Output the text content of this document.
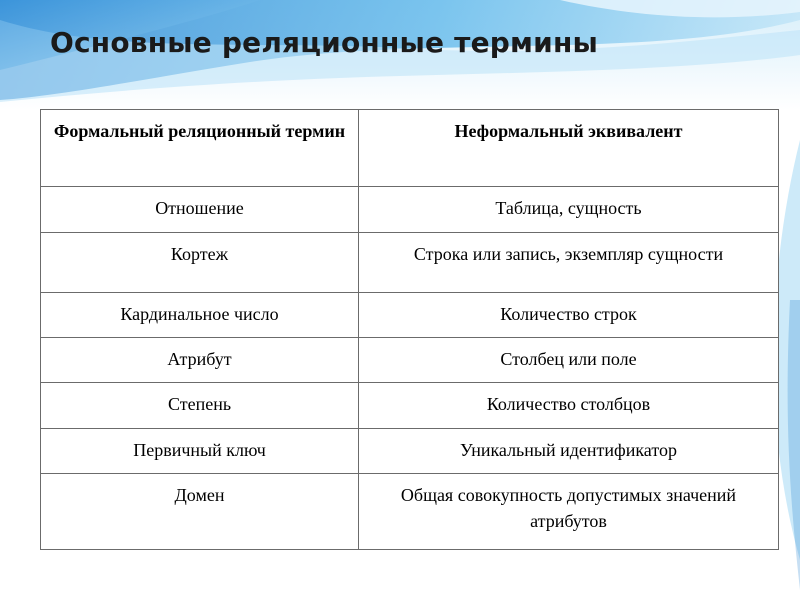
Основные реляционные термины
Формальный реляционный термин	Неформальный эквивалент
Отношение	Таблица, сущность
Кортеж	Строка или запись, экземпляр сущности
Кардинальное число	Количество строк
Атрибут	Столбец или поле
Степень	Количество столбцов
Первичный ключ	Уникальный идентификатор
Домен	Общая совокупность допустимых значений атрибутов
